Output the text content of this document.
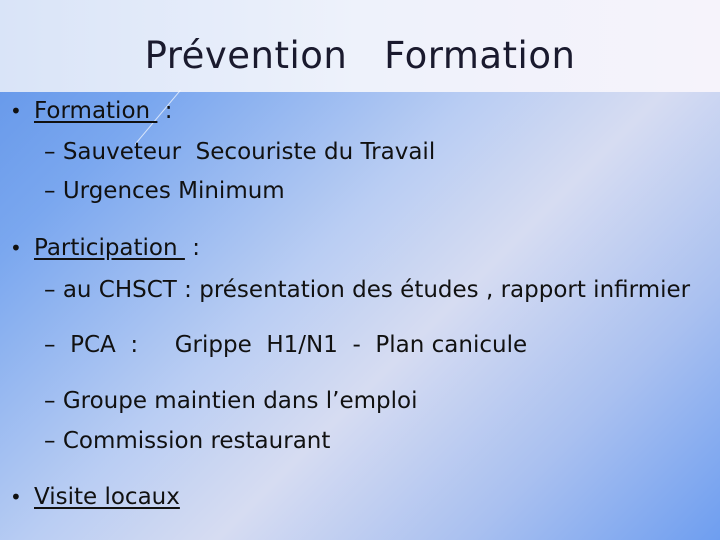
Prévention   Formation
• Formation  :
– Sauveteur  Secouriste du Travail
– Urgences Minimum
• Participation  :
– au CHSCT : présentation des études , rapport infirmier
–  PCA  :     Grippe  H1/N1  -  Plan canicule
– Groupe maintien dans l’emploi
– Commission restaurant
• Visite locaux
